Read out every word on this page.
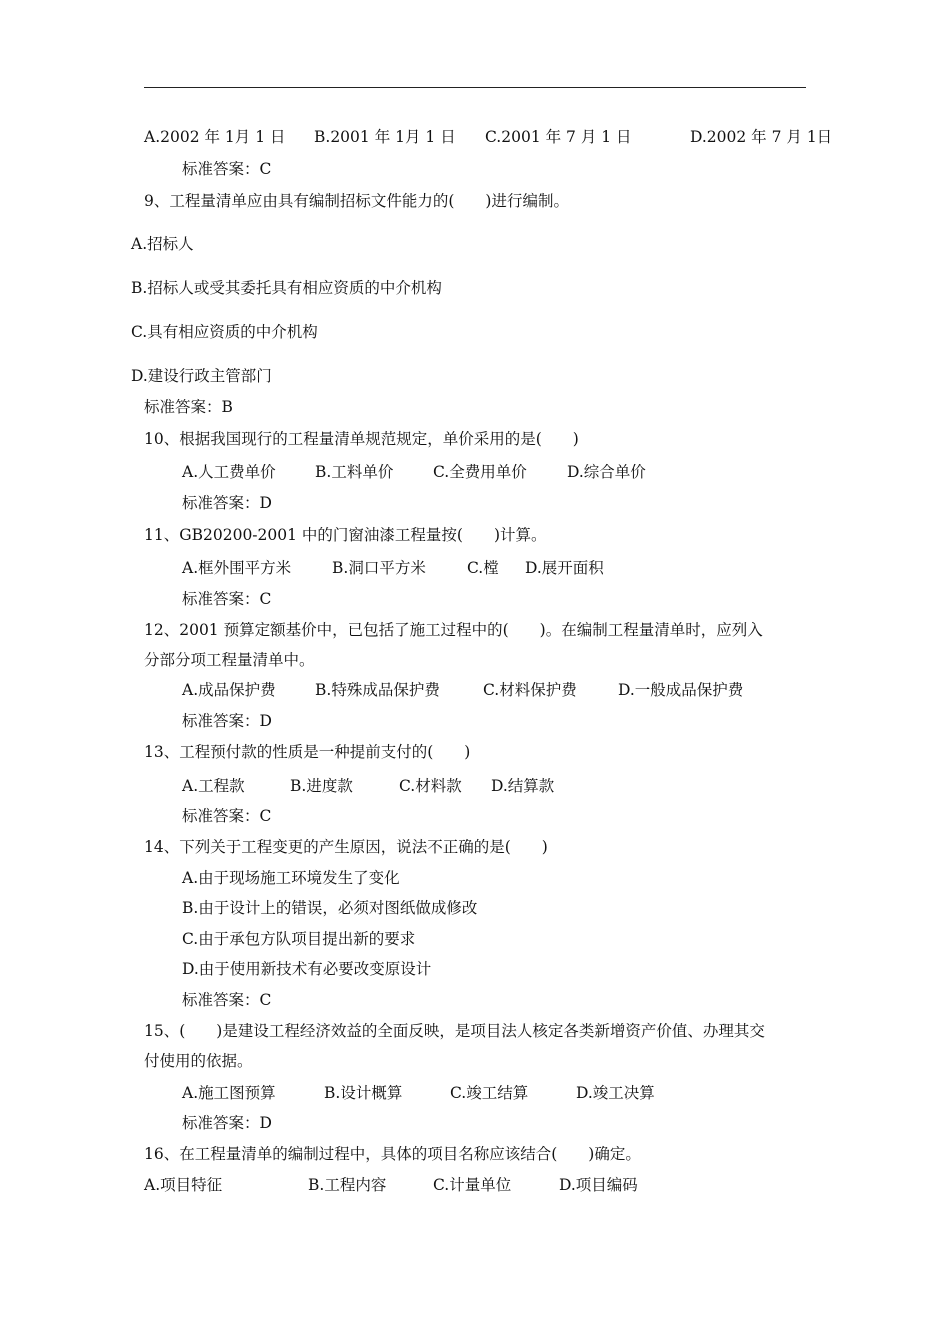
A.2002 年 1月 1 日 B.2001 年 1月 1 日 C.2001 年 7 月 1 日	D.2002 年 7 月 1日
标准答案：C
9、工程量清单应由具有编制招标文件能力的(　　)进行编制。
A.招标人
B.招标人或受其委托具有相应资质的中介机构
C.具有相应资质的中介机构
D.建设行政主管部门
标准答案：B
10、根据我国现行的工程量清单规范规定，单价采用的是(　　)
A.人工费单价	B.工料单价	C.全费用单价	D.综合单价
标准答案：D
11、GB20200-2001 中的门窗油漆工程量按(　　)计算。
A.框外围平方米	B.洞口平方米	C.樘 D.展开面积
标准答案：C
12、2001 预算定额基价中，已包括了施工过程中的(　　)。在编制工程量清单时，应列入
分部分项工程量清单中。
A.成品保护费	B.特殊成品保护费	C.材料保护费	D.一般成品保护费
标准答案：D
13、工程预付款的性质是一种提前支付的(　　)
A.工程款	B.进度款	C.材料款 D.结算款
标准答案：C
14、下列关于工程变更的产生原因，说法不正确的是(　　)
A.由于现场施工环境发生了变化
B.由于设计上的错误，必须对图纸做成修改
C.由于承包方队项目提出新的要求
D.由于使用新技术有必要改变原设计
标准答案：C
15、(　　)是建设工程经济效益的全面反映，是项目法人核定各类新增资产价值、办理其交
付使用的依据。
A.施工图预算	B.设计概算	C.竣工结算	D.竣工决算
标准答案：D
16、在工程量清单的编制过程中，具体的项目名称应该结合(　　)确定。
A.项目特征	B.工程内容	C.计量单位	D.项目编码
